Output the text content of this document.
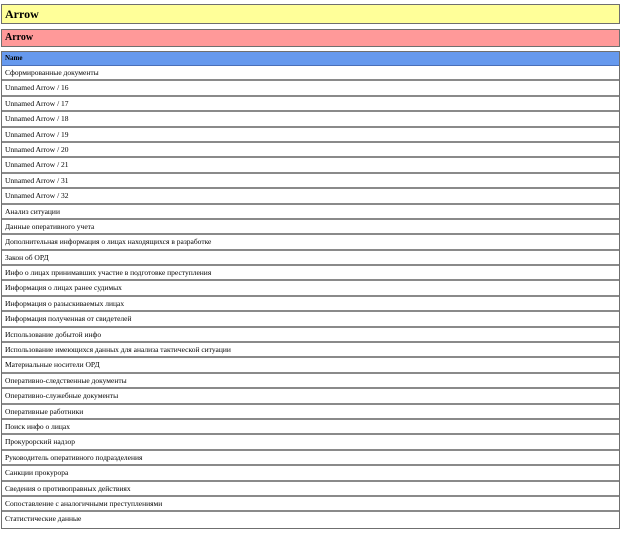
Arrow
Arrow
Name
Сформированные документы
Unnamed Arrow / 16
Unnamed Arrow / 17
Unnamed Arrow / 18
Unnamed Arrow / 19
Unnamed Arrow / 20
Unnamed Arrow / 21
Unnamed Arrow / 31
Unnamed Arrow / 32
Анализ ситуации
Данные оперативного учета
Дополнительная информация о лицах находящихся в разработке
Закон об ОРД
Инфо о лицах принимавших участие в подготовке преступления
Информация о лицах ранее судимых
Информация о разыскиваемых лицах
Информация полученная от свидетелей
Использование добытой инфо
Использование имеющихся данных для анализа тактической ситуации
Материальные носители ОРД
Оперативно-следственные документы
Оперативно-служебные документы
Оперативные работники
Поиск инфо о лицах
Прокурорский надзор
Руководитель оперативного подразделения
Санкции прокурора
Сведения о противоправных действиях
Сопоставление с аналогичными преступлениями
Статистические данные
